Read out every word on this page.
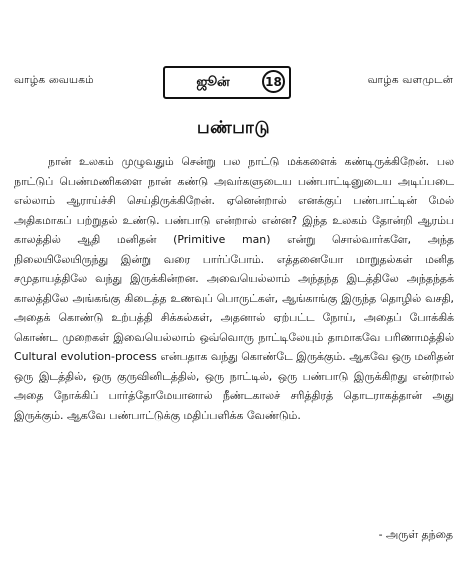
வாழ்க வையகம்	ஜூன்	18	வாழ்க வளமுடன்
பண்பாடு

நான் உலகம் முழுவதும் சென்று பல நாட்டு மக்களைக் கண்டிருக்கிறேன். பல நாட்டுப் பெண்மணிகளை நான் கண்டு அவர்களுடைய பண்பாட்டினுடைய அடிப்படை எல்லாம் ஆராய்ச்சி செய்திருக்கிறேன். ஏனென்றால் எனக்குப் பண்பாட்டின் மேல் அதிகமாகப் பற்றுதல் உண்டு. பண்பாடு என்றால் என்ன? இந்த உலகம் தோன்றி ஆரம்ப காலத்தில் ஆதி மனிதன் (Primitive man) என்று சொல்வார்களே, அந்த நிலையிலேயிருந்து இன்று வரை பார்ப்போம். எத்தனையோ மாறுதல்கள் மனித சமுதாயத்திலே வந்து இருக்கின்றன. அவையெல்லாம் அந்தந்த இடத்திலே அந்தந்தக் காலத்திலே அங்கங்கு கிடைத்த உணவுப் பொருட்கள், ஆங்காங்கு இருந்த தொழில் வசதி, அதைக் கொண்டு உற்பத்தி சிக்கல்கள், அதனால் ஏற்பட்ட நோய், அதைப் போக்கிக் கொண்ட முறைகள் இவையெல்லாம் ஒவ்வொரு நாட்டிலேயும் தாமாகவே பரிணாமத்தில் Cultural evolution-process என்பதாக வந்து கொண்டே இருக்கும். ஆகவே ஒரு மனிதன் ஒரு இடத்தில், ஒரு குருவினிடத்தில், ஒரு நாட்டில், ஒரு பண்பாடு இருக்கிறது என்றால் அதை நோக்கிப் பார்த்தோமேயானால் நீண்டகாலச் சரித்திரத் தொடராகத்தான் அது இருக்கும். ஆகவே பண்பாட்டுக்கு மதிப்பளிக்க வேண்டும்.

- அருள் தந்தை
